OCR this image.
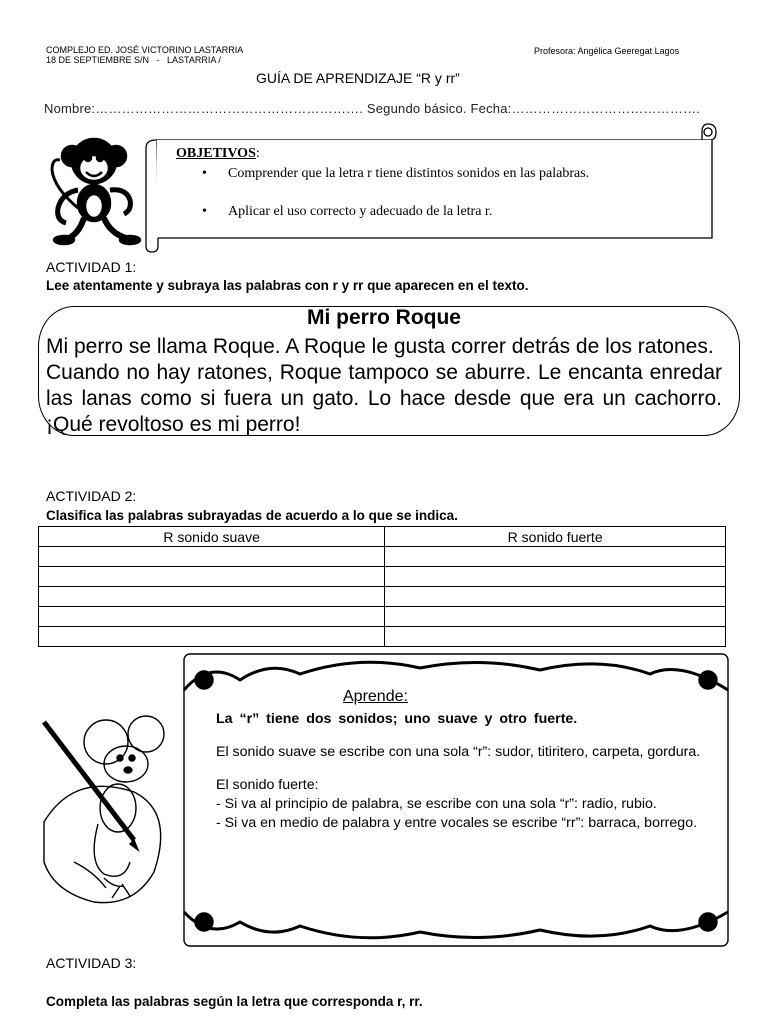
COMPLEJO ED. JOSÉ VICTORINO LASTARRIA
18 DE SEPTIEMBRE S/N   -   LASTARRIA /
Profesora: Angélica Geeregat Lagos
GUÍA DE APRENDIZAJE “R y rr”
Nombre:……………………………………………………. Segundo básico. Fecha:…………………………………….
OBJETIVOS:
• Comprender que la letra r tiene distintos sonidos en las palabras.
• Aplicar el uso correcto y adecuado de la letra r.
ACTIVIDAD 1:
Lee atentamente y subraya las palabras con r y rr que aparecen en el texto.
Mi perro Roque
Mi perro se llama Roque. A Roque le gusta correr detrás de los ratones.
Cuando no hay ratones, Roque tampoco se aburre. Le encanta enredar las lanas como si fuera un gato. Lo hace desde que era un cachorro. ¡Qué revoltoso es mi perro!
ACTIVIDAD 2:
Clasifica las palabras subrayadas de acuerdo a lo que se indica.
R sonido suave	R sonido fuerte

Aprende:
La “r” tiene dos sonidos; uno suave y otro fuerte.
El sonido suave se escribe con una sola “r”: sudor, titiritero, carpeta, gordura.
El sonido fuerte:
- Si va al principio de palabra, se escribe con una sola “r”: radio, rubio.
- Si va en medio de palabra y entre vocales se escribe “rr”: barraca, borrego.
ACTIVIDAD 3:
Completa las palabras según la letra que corresponda r, rr.
